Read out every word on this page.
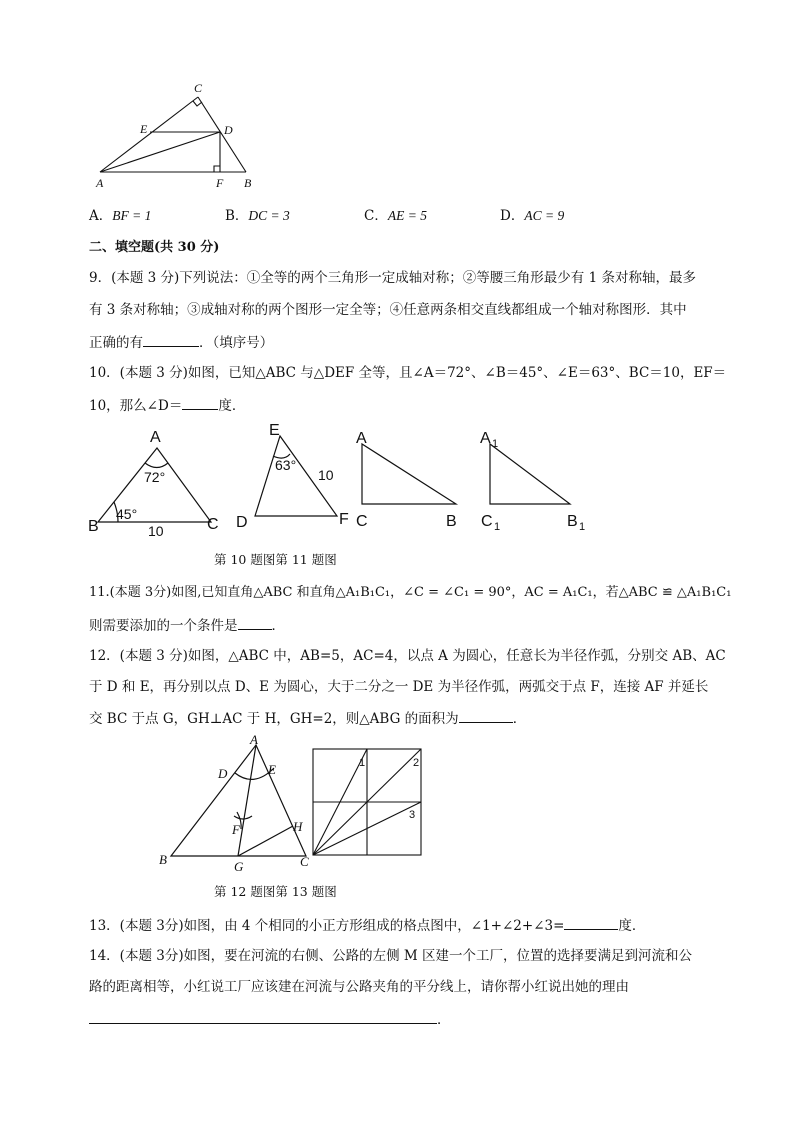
C
E	D
A	F B
A．BF = 1	B．DC = 3	C．AE = 5	D．AC = 9
二、填空题(共 30 分)
9．(本题 3 分)下列说法：①全等的两个三角形一定成轴对称；②等腰三角形最少有 1 条对称轴，最多
有 3 条对称轴；③成轴对称的两个图形一定全等；④任意两条相交直线都组成一个轴对称图形．其中
正确的有	．（填序号）
10．(本题 3 分)如图，已知△ABC 与△DEF 全等，且∠A＝72°、∠B＝45°、∠E＝63°、BC＝10，EF＝
10，那么∠D＝	度．
A
B	C
72°
45°
10
E
D	F
63°
10
A
C	B
A 1
C 1	B 1
第 10 题图第 11 题图
11.(本题 3分)如图,已知直角△ABC 和直角△A₁B₁C₁，∠C = ∠C₁ = 90°，AC = A₁C₁，若△ABC ≌ △A₁B₁C₁
则需要添加的一个条件是	．
12．(本题 3 分)如图，△ABC 中，AB=5，AC=4，以点 A 为圆心，任意长为半径作弧，分别交 AB、AC
于 D 和 E，再分别以点 D、E 为圆心，大于二分之一 DE 为半径作弧，两弧交于点 F，连接 AF 并延长
交 BC 于点 G，GH⊥AC 于 H，GH=2，则△ABG 的面积为	．
A
B	C
D	E
F
G
H
1	2
3
第 12 题图第 13 题图
13．(本题 3分)如图，由 4 个相同的小正方形组成的格点图中，∠1+∠2+∠3=	度．
14．(本题 3分)如图，要在河流的右侧、公路的左侧 M 区建一个工厂，位置的选择要满足到河流和公
路的距离相等，小红说工厂应该建在河流与公路夹角的平分线上，请你帮小红说出她的理由
．
